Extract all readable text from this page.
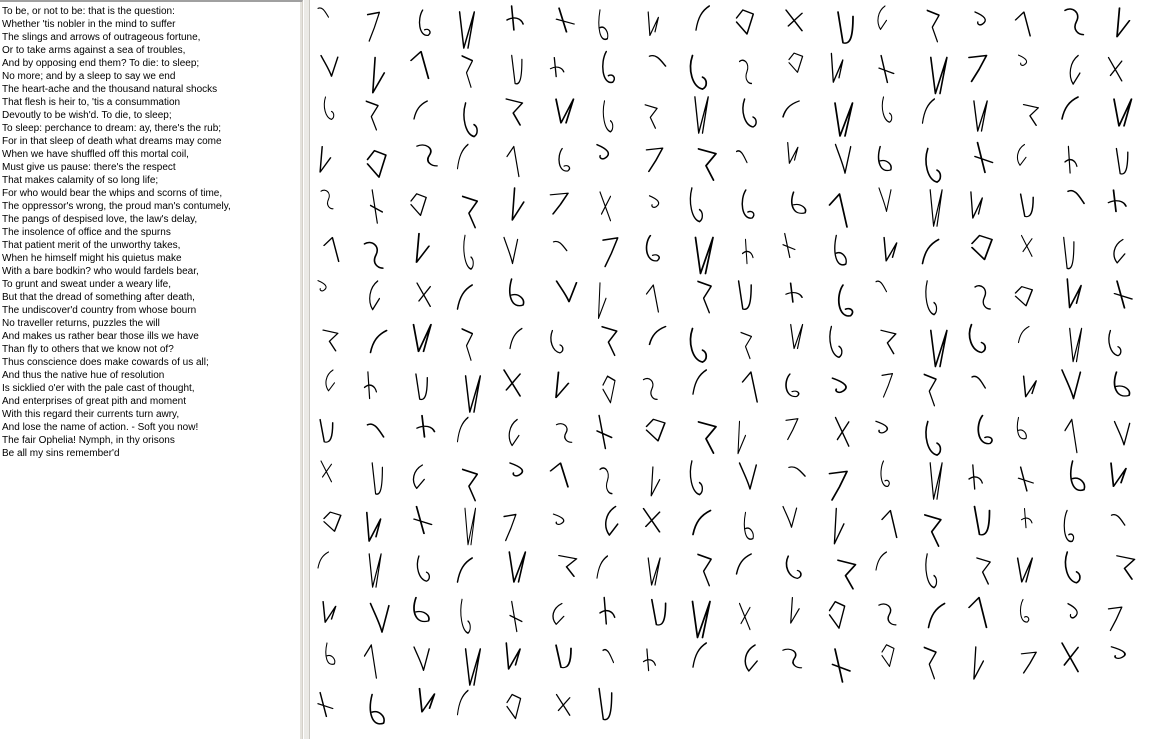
To be, or not to be: that is the question:
Whether 'tis nobler in the mind to suffer
The slings and arrows of outrageous fortune,
Or to take arms against a sea of troubles,
And by opposing end them? To die: to sleep;
No more; and by a sleep to say we end
The heart-ache and the thousand natural shocks
That flesh is heir to, 'tis a consummation
Devoutly to be wish'd. To die, to sleep;
To sleep: perchance to dream: ay, there's the rub;
For in that sleep of death what dreams may come
When we have shuffled off this mortal coil,
Must give us pause: there's the respect
That makes calamity of so long life;
For who would bear the whips and scorns of time,
The oppressor's wrong, the proud man's contumely,
The pangs of despised love, the law's delay,
The insolence of office and the spurns
That patient merit of the unworthy takes,
When he himself might his quietus make
With a bare bodkin? who would fardels bear,
To grunt and sweat under a weary life,
But that the dread of something after death,
The undiscover'd country from whose bourn
No traveller returns, puzzles the will
And makes us rather bear those ills we have
Than fly to others that we know not of?
Thus conscience does make cowards of us all;
And thus the native hue of resolution
Is sicklied o'er with the pale cast of thought,
And enterprises of great pith and moment
With this regard their currents turn awry,
And lose the name of action. - Soft you now!
The fair Ophelia! Nymph, in thy orisons
Be all my sins remember'd
